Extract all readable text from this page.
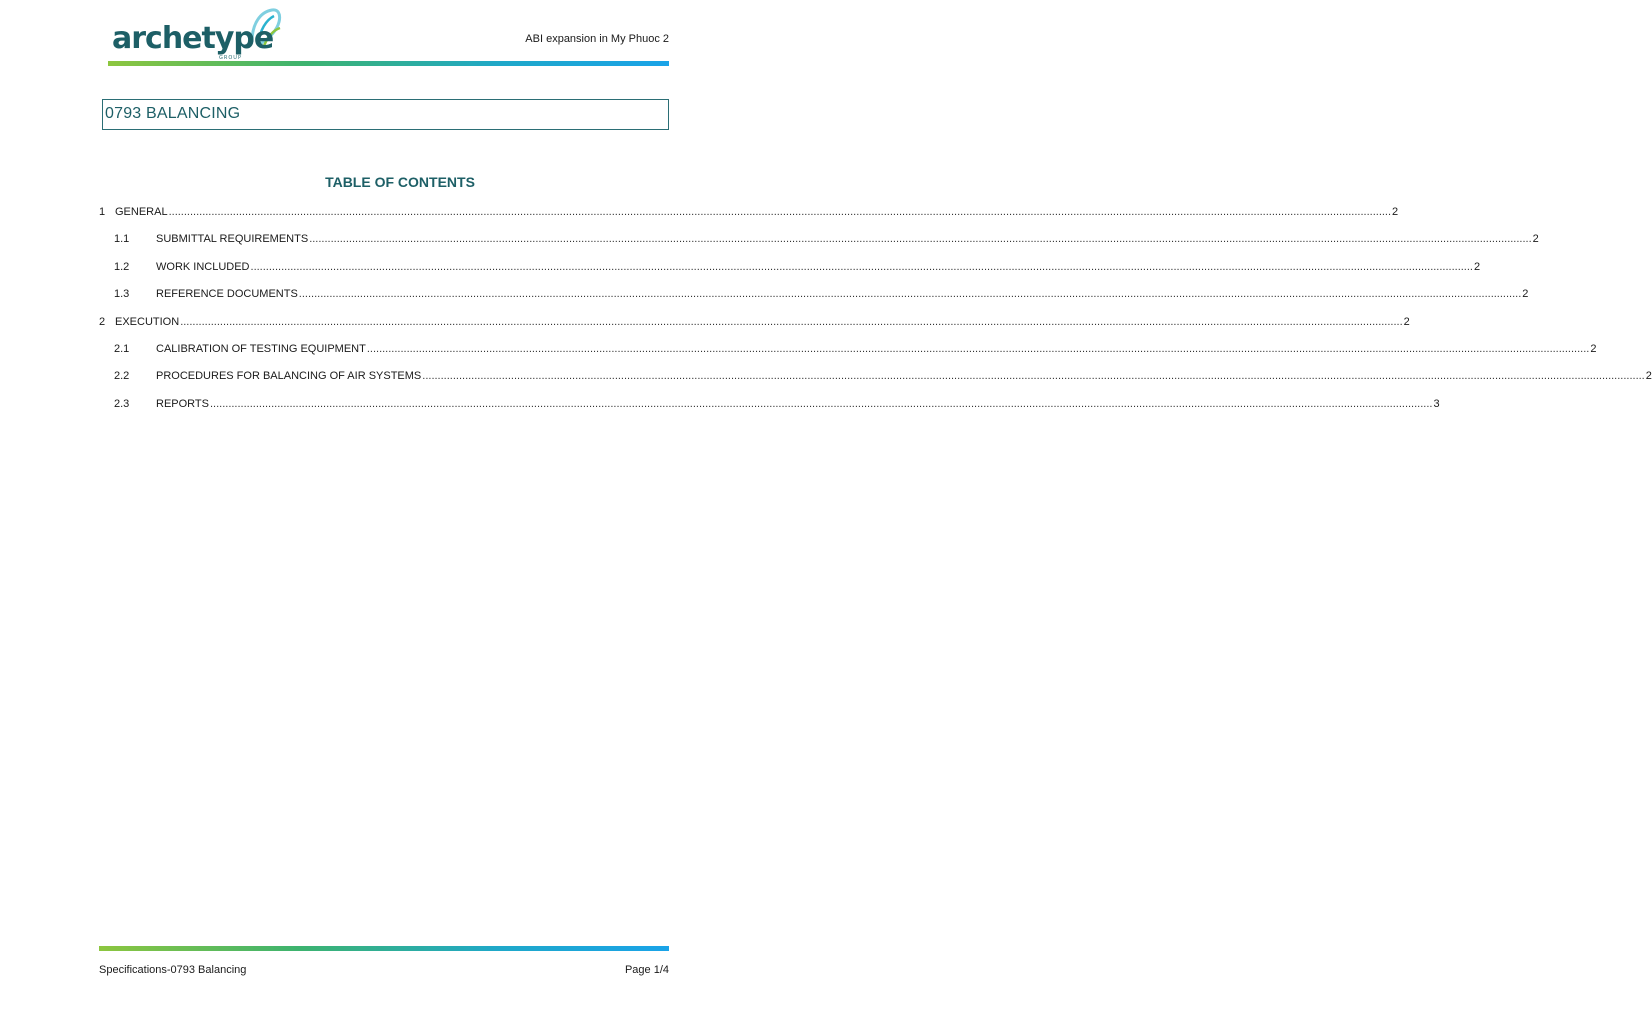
archetype
GROUP
ABI expansion in My Phuoc 2
0793 BALANCING
TABLE OF CONTENTS
1 GENERAL ................................................................................................................................................................................................................................................................................................................................................................................................................ 2
1.1	SUBMITTAL REQUIREMENTS ................................................................................................................................................................................................................................................................................................................................................................................................................ 2
1.2	WORK INCLUDED ................................................................................................................................................................................................................................................................................................................................................................................................................ 2
1.3	REFERENCE DOCUMENTS ................................................................................................................................................................................................................................................................................................................................................................................................................ 2
2 EXECUTION ................................................................................................................................................................................................................................................................................................................................................................................................................ 2
2.1	CALIBRATION OF TESTING EQUIPMENT ................................................................................................................................................................................................................................................................................................................................................................................................................ 2
2.2	PROCEDURES FOR BALANCING OF AIR SYSTEMS ................................................................................................................................................................................................................................................................................................................................................................................................................ 2
2.3	REPORTS ................................................................................................................................................................................................................................................................................................................................................................................................................ 3
Specifications-0793 Balancing	Page 1/4
